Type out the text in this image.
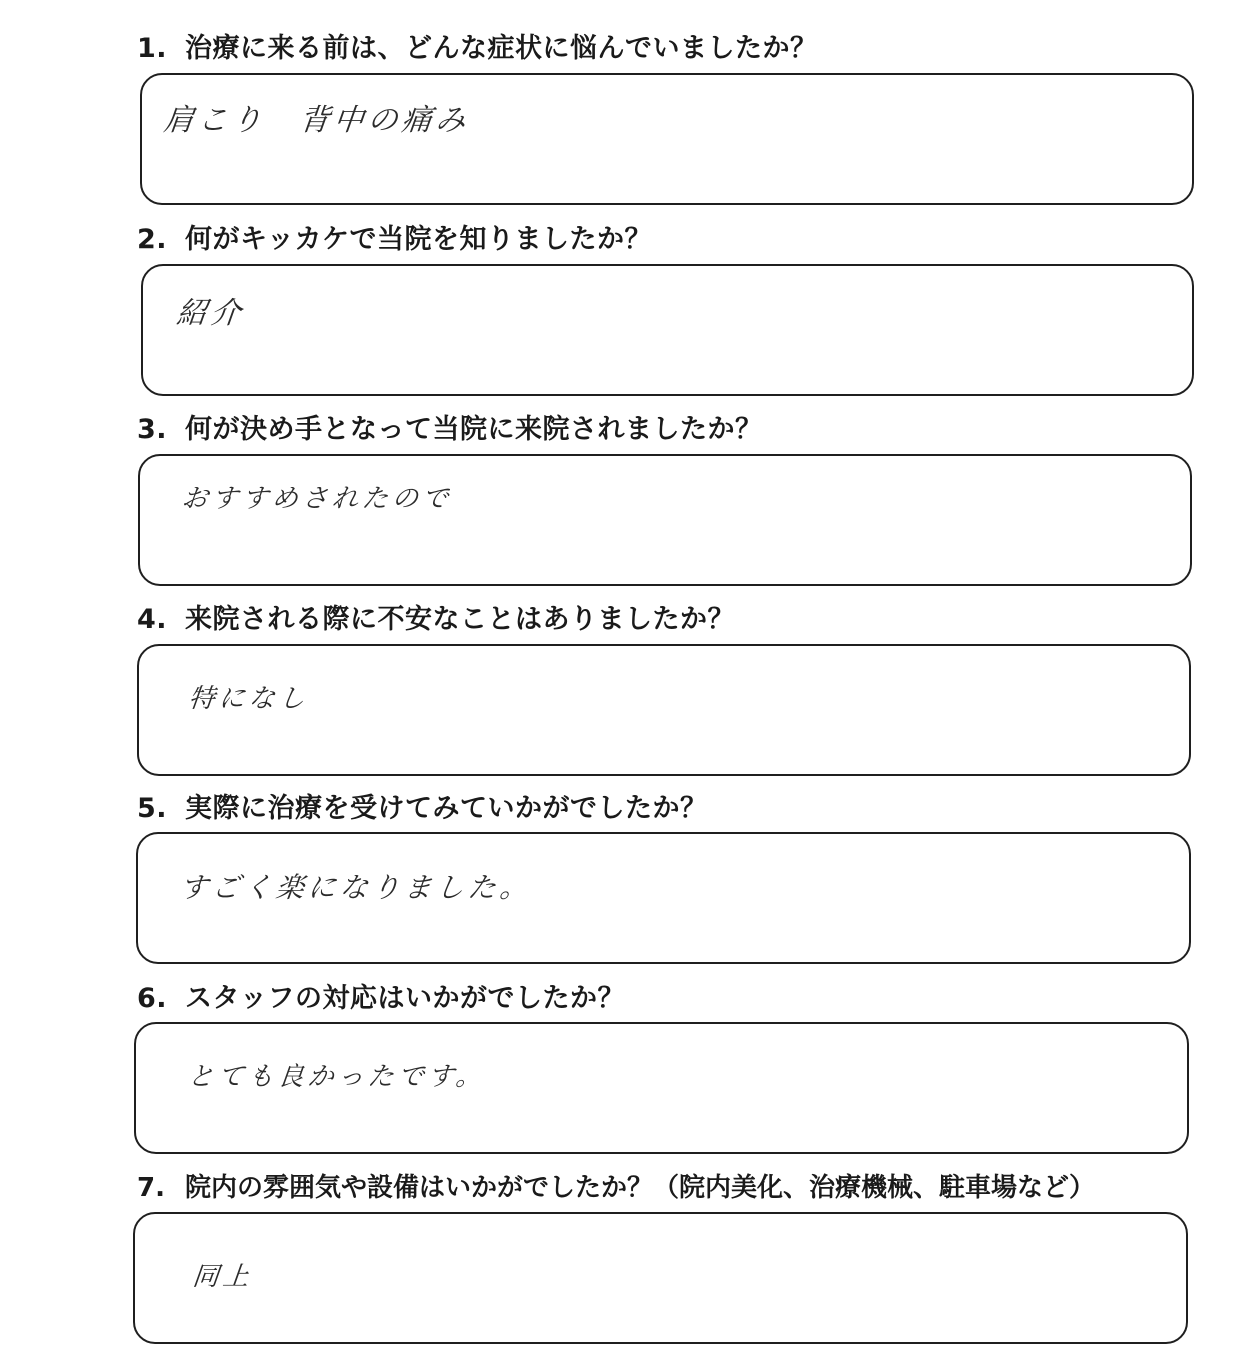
1. 治療に来る前は、どんな症状に悩んでいましたか？
肩こり　背中の痛み
2. 何がキッカケで当院を知りましたか？
紹介
3. 何が決め手となって当院に来院されましたか？
おすすめされたので
4. 来院される際に不安なことはありましたか？
特になし
5. 実際に治療を受けてみていかがでしたか？
すごく楽になりました。
6. スタッフの対応はいかがでしたか？
とても良かったです。
7. 院内の雰囲気や設備はいかがでしたか？（院内美化、治療機械、駐車場など）
同上
